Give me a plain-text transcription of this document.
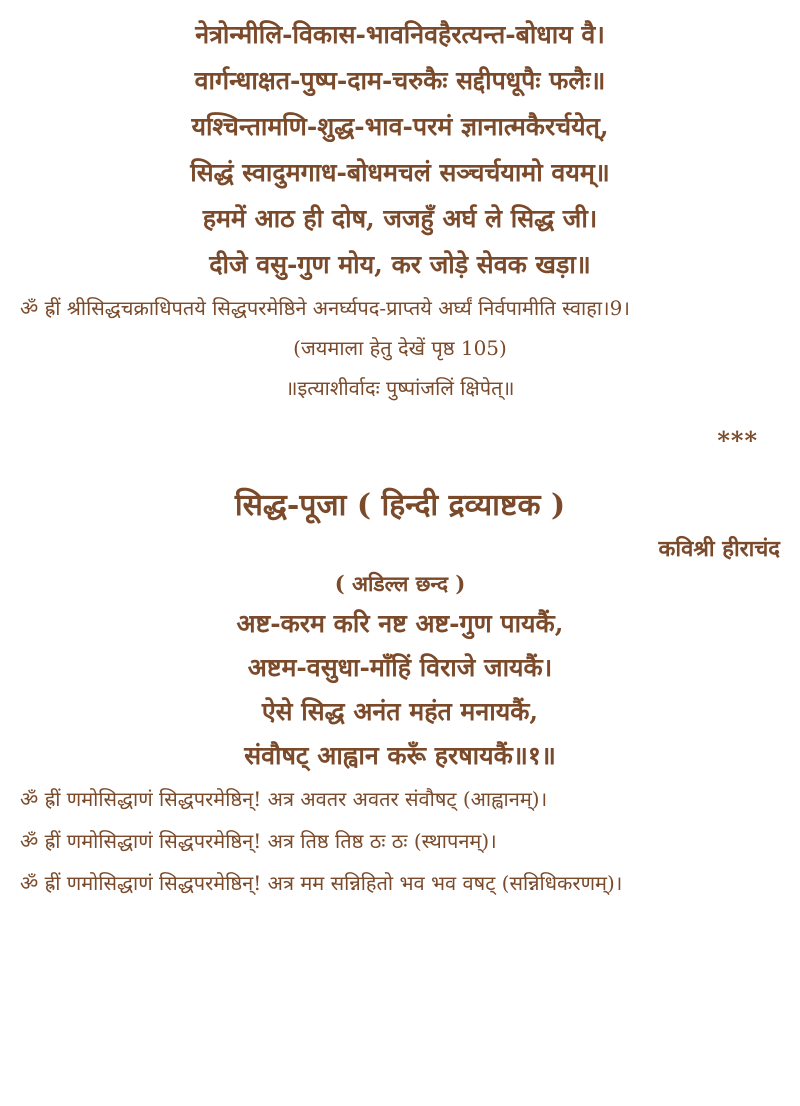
नेत्रोन्मीलि-विकास-भावनिवहैरत्यन्त-बोधाय वै।
वार्गन्धाक्षत-पुष्प-दाम-चरुकैः सद्दीपधूपैः फलैः॥
यश्चिन्तामणि-शुद्ध-भाव-परमं ज्ञानात्मकैरर्चयेत्,
सिद्धं स्वादुमगाध-बोधमचलं सञ्चर्चयामो वयम्॥
हममें आठ ही दोष, जजहुँ अर्घ ले सिद्ध जी।
दीजे वसु-गुण मोय, कर जोड़े सेवक खड़ा॥
ॐ ह्रीं श्रीसिद्धचक्राधिपतये सिद्धपरमेष्ठिने अनर्घ्यपद-प्राप्तये अर्घ्यं निर्वपामीति स्वाहा।9।
(जयमाला हेतु देखें पृष्ठ 105)
॥इत्याशीर्वादः पुष्पांजलिं क्षिपेत्॥
***
सिद्ध-पूजा ( हिन्दी द्रव्याष्टक )
कविश्री हीराचंद
( अडिल्ल छन्द )
अष्ट-करम करि नष्ट अष्ट-गुण पायकैं,
अष्टम-वसुधा-माँहिं विराजे जायकैं।
ऐसे सिद्ध अनंत महंत मनायकैं,
संवौषट् आह्वान करूँ हरषायकैं॥१॥
ॐ ह्रीं णमोसिद्धाणं सिद्धपरमेष्ठिन्! अत्र अवतर अवतर संवौषट् (आह्वानम्)।
ॐ ह्रीं णमोसिद्धाणं सिद्धपरमेष्ठिन्! अत्र तिष्ठ तिष्ठ ठः ठः (स्थापनम्)।
ॐ ह्रीं णमोसिद्धाणं सिद्धपरमेष्ठिन्! अत्र मम सन्निहितो भव भव वषट् (सन्निधिकरणम्)।
